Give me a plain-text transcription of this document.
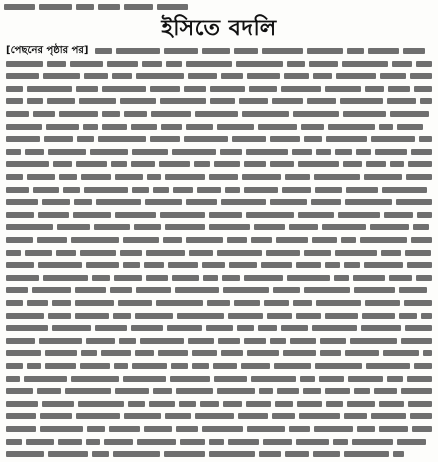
ইসিতে বদলি
[পেছনের পৃষ্ঠার পর]
